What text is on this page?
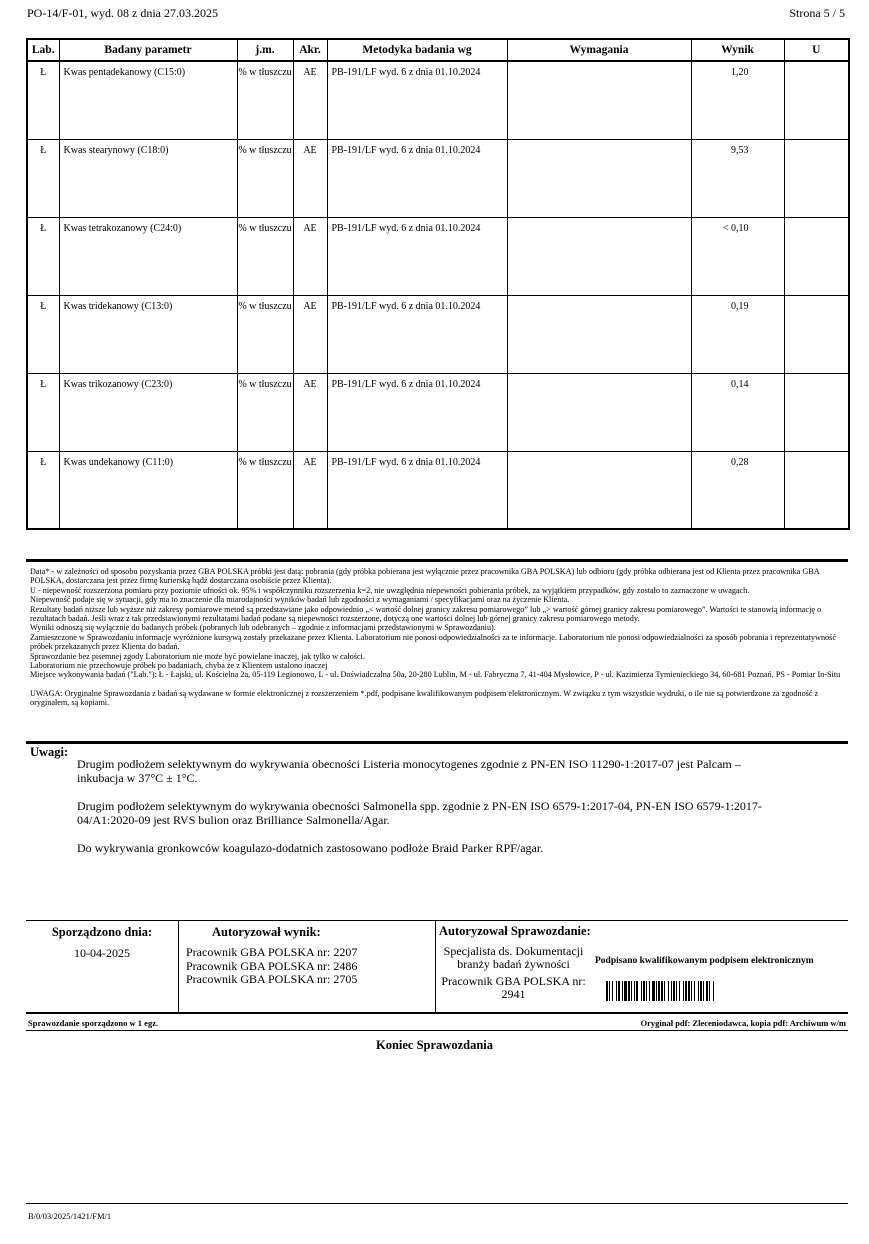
PO-14/F-01, wyd. 08 z dnia 27.03.2025	Strona 5 / 5
Lab.	Badany parametr	j.m.	Akr.	Metodyka badania wg	Wymagania	Wynik	U
Ł	Kwas pentadekanowy (C15:0)	% w tłuszczu	AE	PB-191/LF wyd. 6 z dnia 01.10.2024		1,20	
Ł	Kwas stearynowy (C18:0)	% w tłuszczu	AE	PB-191/LF wyd. 6 z dnia 01.10.2024		9,53	
Ł	Kwas tetrakozanowy (C24:0)	% w tłuszczu	AE	PB-191/LF wyd. 6 z dnia 01.10.2024		< 0,10	
Ł	Kwas tridekanowy (C13:0)	% w tłuszczu	AE	PB-191/LF wyd. 6 z dnia 01.10.2024		0,19	
Ł	Kwas trikozanowy (C23:0)	% w tłuszczu	AE	PB-191/LF wyd. 6 z dnia 01.10.2024		0,14	
Ł	Kwas undekanowy (C11:0)	% w tłuszczu	AE	PB-191/LF wyd. 6 z dnia 01.10.2024		0,28	
Data* - w zależności od sposobu pozyskania przez GBA POLSKA próbki jest datą: pobrania (gdy próbka pobierana jest wyłącznie przez pracownika GBA POLSKA) lub odbioru (gdy próbka odbierana jest od Klienta przez pracownika GBA POLSKA, dostarczana jest przez firmę kurierską bądź dostarczana osobiście przez Klienta).
U - niepewność rozszerzona pomiaru przy poziomie ufności ok. 95% i współczynniku rozszerzenia k=2, nie uwzględnia niepewności pobierania próbek, za wyjątkiem przypadków, gdy zostało to zaznaczone w uwagach.
Niepewność podaje się w sytuacji, gdy ma to znaczenie dla miarodajności wyników badań lub zgodności z wymaganiami / specyfikacjami oraz na życzenie Klienta.
Rezultaty badań niższe lub wyższe niż zakresy pomiarowe metod są przedstawiane jako odpowiednio „< wartość dolnej granicy zakresu pomiarowego” lub „> wartość górnej granicy zakresu pomiarowego”. Wartości te stanowią informację o rezultatach badań. Jeśli wraz z tak przedstawionymi rezultatami badań podane są niepewności rozszerzone, dotyczą one wartości dolnej lub górnej granicy zakresu pomiarowego metody.
Wyniki odnoszą się wyłącznie do badanych próbek (pobranych lub odebranych – zgodnie z informacjami przedstawionymi w Sprawozdaniu).
Zamieszczone w Sprawozdaniu informacje wyróżnione kursywą zostały przekazane przez Klienta. Laboratorium nie ponosi odpowiedzialności za te informacje. Laboratorium nie ponosi odpowiedzialności za sposób pobrania i reprezentatywność próbek przekazanych przez Klienta do badań.
Sprawozdanie bez pisemnej zgody Laboratorium nie może być powielane inaczej, jak tylko w całości.
Laboratorium nie przechowuje próbek po badaniach, chyba że z Klientem ustalono inaczej
Miejsce wykonywania badań ("Lab."): Ł - Łajski, ul. Kościelna 2a, 05-119 Legionowo, L - ul. Doświadczalna 50a, 20-280 Lublin, M - ul. Fabryczna 7, 41-404 Mysłowice, P - ul. Kazimierza Tymienieckiego 34, 60-681 Poznań, PS - Pomiar In-Situ
UWAGA: Oryginalne Sprawozdania z badań są wydawane w formie elektronicznej z rozszerzeniem *.pdf, podpisane kwalifikowanym podpisem elektronicznym. W związku z tym wszystkie wydruki, o ile nie są potwierdzone za zgodność z oryginałem, są kopiami.
Uwagi:

Drugim podłożem selektywnym do wykrywania obecności Listeria monocytogenes zgodnie z PN-EN ISO 11290-1:2017-07 jest Palcam – inkubacja w 37°C ± 1°C.

Drugim podłożem selektywnym do wykrywania obecności Salmonella spp. zgodnie z PN-EN ISO 6579-1:2017-04, PN-EN ISO 6579-1:2017-04/A1:2020-09 jest RVS bulion oraz Brilliance Salmonella/Agar.

Do wykrywania gronkowców koagulazo-dodatnich zastosowano podłoże Braid Parker RPF/agar.

Sporządzono dnia:
10-04-2025
Autoryzował wynik:
Pracownik GBA POLSKA nr: 2207
Pracownik GBA POLSKA nr: 2486
Pracownik GBA POLSKA nr: 2705
Autoryzował Sprawozdanie:
Specjalista ds. Dokumentacji branży badań żywności
Pracownik GBA POLSKA nr: 2941
Podpisano kwalifikowanym podpisem elektronicznym
Sprawozdanie sporządzono w 1 egz.	Oryginał pdf: Zleceniodawca, kopia pdf: Archiwum w/m
Koniec Sprawozdania
B/0/03/2025/1421/FM/1
